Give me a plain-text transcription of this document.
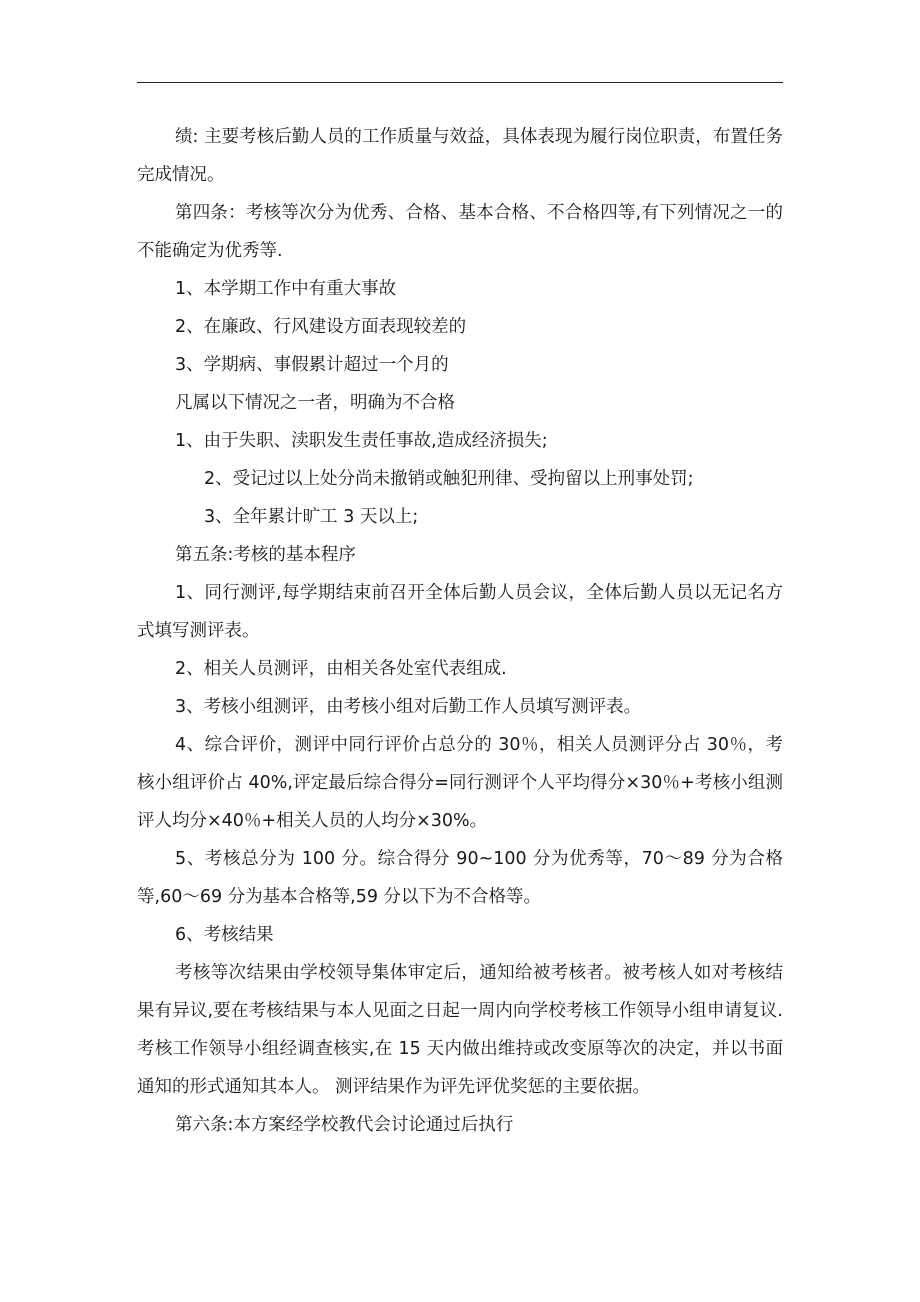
绩: 主要考核后勤人员的工作质量与效益，具体表现为履行岗位职责，布置任务完成情况。

第四条：考核等次分为优秀、合格、基本合格、不合格四等,有下列情况之一的不能确定为优秀等.

1、本学期工作中有重大事故

2、在廉政、行风建设方面表现较差的

3、学期病、事假累计超过一个月的

凡属以下情况之一者，明确为不合格

1、由于失职、渎职发生责任事故,造成经济损失;

2、受记过以上处分尚未撤销或触犯刑律、受拘留以上刑事处罚;

3、全年累计旷工 3 天以上;

第五条:考核的基本程序

1、同行测评,每学期结束前召开全体后勤人员会议，全体后勤人员以无记名方式填写测评表。

2、相关人员测评，由相关各处室代表组成.

3、考核小组测评，由考核小组对后勤工作人员填写测评表。

4、综合评价，测评中同行评价占总分的 30％，相关人员测评分占 30％，考核小组评价占 40%,评定最后综合得分=同行测评个人平均得分×30％+考核小组测评人均分×40％+相关人员的人均分×30%。

5、考核总分为 100 分。综合得分 90~100 分为优秀等，70～89 分为合格等,60～69 分为基本合格等,59 分以下为不合格等。

6、考核结果

考核等次结果由学校领导集体审定后，通知给被考核者。被考核人如对考核结果有异议,要在考核结果与本人见面之日起一周内向学校考核工作领导小组申请复议.考核工作领导小组经调查核实,在 15 天内做出维持或改变原等次的决定，并以书面通知的形式通知其本人。 测评结果作为评先评优奖惩的主要依据。

第六条:本方案经学校教代会讨论通过后执行
